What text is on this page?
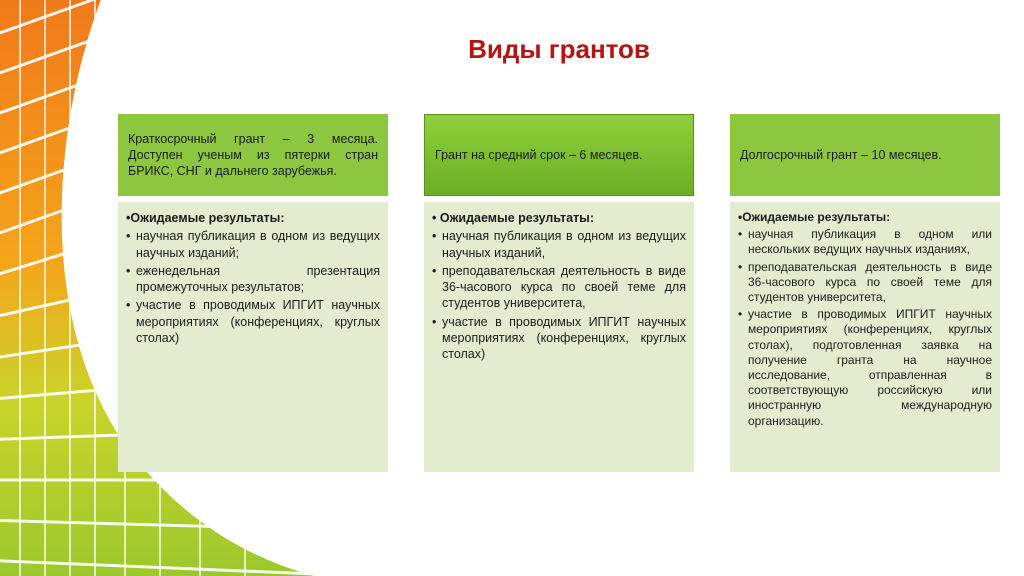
Виды грантов
Краткосрочный грант – 3 месяца. Доступен ученым из пятерки стран БРИКС, СНГ и дальнего зарубежья.

•Ожидаемые результаты:

• научная публикация в одном из ведущих научных изданий;
• еженедельная презентация промежуточных результатов;
• участие в проводимых ИПГИТ научных мероприятиях (конференциях, круглых столах)
Грант на средний срок – 6 месяцев.

• Ожидаемые результаты:

• научная публикация в одном из ведущих научных изданий,
• преподавательская деятельность в виде 36-часового курса по своей теме для студентов университета,
• участие в проводимых ИПГИТ научных мероприятиях (конференциях, круглых столах)
Долгосрочный грант – 10 месяцев.

•Ожидаемые результаты:

• научная публикация в одном или нескольких ведущих научных изданиях,
• преподавательская деятельность в виде 36-часового курса по своей теме для студентов университета,
• участие в проводимых ИПГИТ научных мероприятиях (конференциях, круглых столах), подготовленная заявка на получение гранта на научное исследование, отправленная в соответствующую российскую или иностранную международную организацию.
